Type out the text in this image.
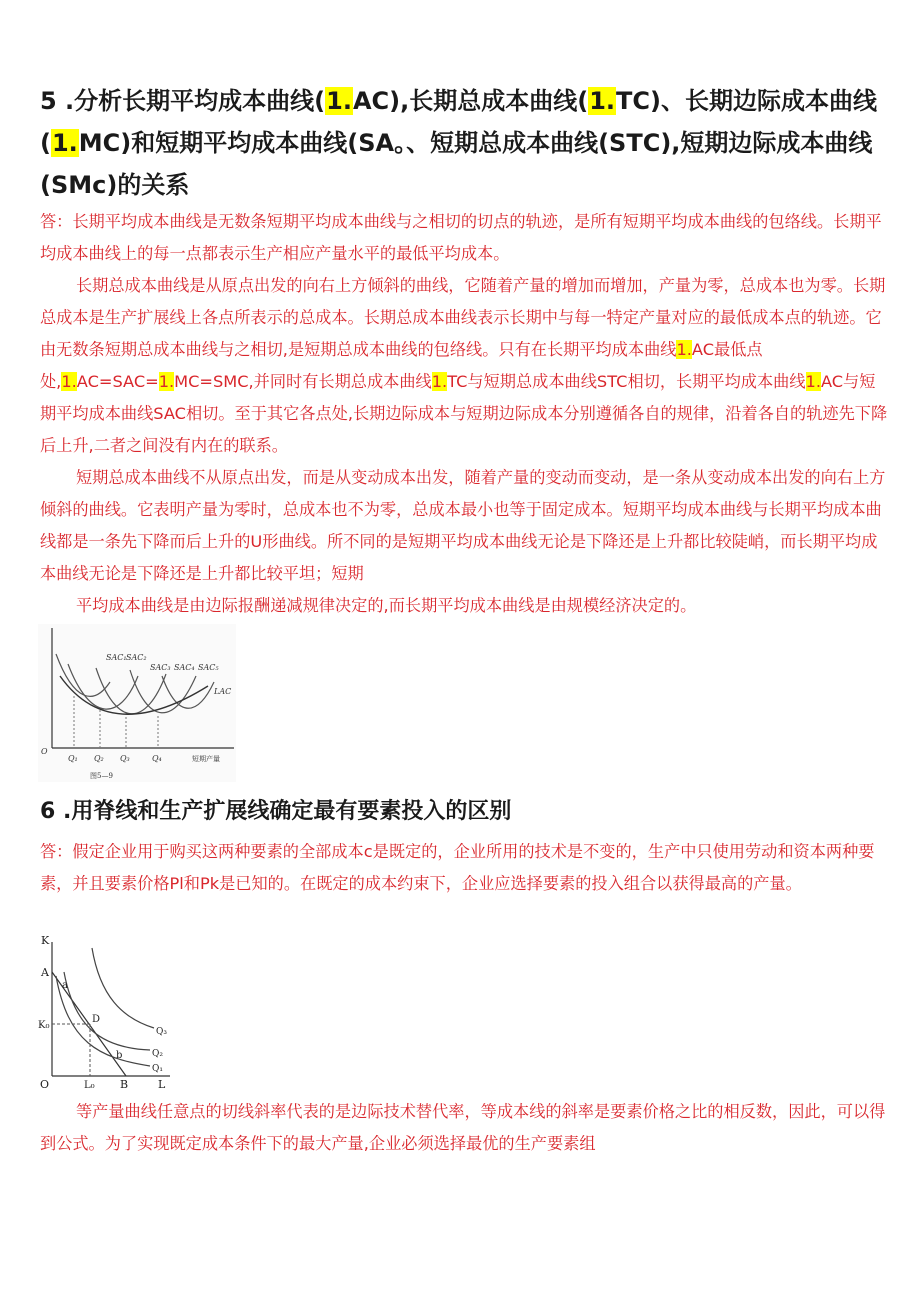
5 .分析长期平均成本曲线(1.AC),长期总成本曲线(1.TC)、长期边际成本曲线(1.MC)和短期平均成本曲线(SA。、短期总成本曲线(STC),短期边际成本曲线(SMc)的关系

答：长期平均成本曲线是无数条短期平均成本曲线与之相切的切点的轨迹，是所有短期平均成本曲线的包络线。长期平均成本曲线上的每一点都表示生产相应产量水平的最低平均成本。

长期总成本曲线是从原点出发的向右上方倾斜的曲线，它随着产量的增加而增加，产量为零，总成本也为零。长期总成本是生产扩展线上各点所表示的总成本。长期总成本曲线表示长期中与每一特定产量对应的最低成本点的轨迹。它由无数条短期总成本曲线与之相切,是短期总成本曲线的包络线。只有在长期平均成本曲线1.AC最低点处,1.AC=SAC=1.MC=SMC,并同时有长期总成本曲线1.TC与短期总成本曲线STC相切，长期平均成本曲线1.AC与短期平均成本曲线SAC相切。至于其它各点处,长期边际成本与短期边际成本分别遵循各自的规律，沿着各自的轨迹先下降后上升,二者之间没有内在的联系。

短期总成本曲线不从原点出发，而是从变动成本出发，随着产量的变动而变动，是一条从变动成本出发的向右上方倾斜的曲线。它表明产量为零时，总成本也不为零，总成本最小也等于固定成本。短期平均成本曲线与长期平均成本曲线都是一条先下降而后上升的U形曲线。所不同的是短期平均成本曲线无论是下降还是上升都比较陡峭，而长期平均成本曲线无论是下降还是上升都比较平坦；短期

平均成本曲线是由边际报酬递减规律决定的,而长期平均成本曲线是由规模经济决定的。

SAC₁ SAC₂
SAC₃ SAC₄ SAC₅
LAC
O
Q₁ Q₂ Q₃	Q₄	短期产量
图5—9
6 .用脊线和生产扩展线确定最有要素投入的区别

答：假定企业用于购买这两种要素的全部成本c是既定的，企业所用的技术是不变的，生产中只使用劳动和资本两种要素，并且要素价格Pl和Pk是已知的。在既定的成本约束下，企业应选择要素的投入组合以获得最高的产量。

K
A
a
K₀
D
Q₃
b	Q₂
Q₁
O	L₀ B	L

等产量曲线任意点的切线斜率代表的是边际技术替代率，等成本线的斜率是要素价格之比的相反数，因此，可以得到公式。为了实现既定成本条件下的最大产量,企业必须选择最优的生产要素组
